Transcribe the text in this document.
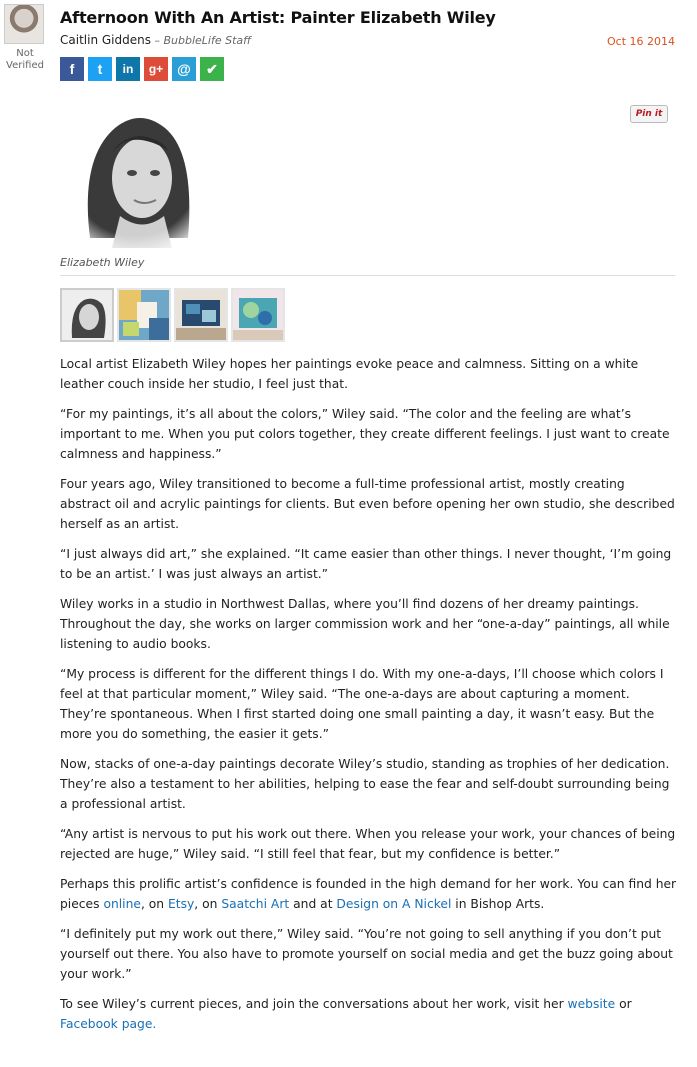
Not Verified
Afternoon With An Artist: Painter Elizabeth Wiley
Caitlin Giddens – BubbleLife Staff	Oct 16 2014
f	t	in	g+	@	✔
Pin it
Elizabeth Wiley

Local artist Elizabeth Wiley hopes her paintings evoke peace and calmness. Sitting on a white leather couch inside her studio, I feel just that.

“For my paintings, it’s all about the colors,” Wiley said. “The color and the feeling are what’s important to me. When you put colors together, they create different feelings. I just want to create calmness and happiness.”

Four years ago, Wiley transitioned to become a full-time professional artist, mostly creating abstract oil and acrylic paintings for clients. But even before opening her own studio, she described herself as an artist.

“I just always did art,” she explained. “It came easier than other things. I never thought, ‘I’m going to be an artist.’ I was just always an artist.”

Wiley works in a studio in Northwest Dallas, where you’ll find dozens of her dreamy paintings. Throughout the day, she works on larger commission work and her “one-a-day” paintings, all while listening to audio books.

“My process is different for the different things I do. With my one-a-days, I’ll choose which colors I feel at that particular moment,” Wiley said. “The one-a-days are about capturing a moment. They’re spontaneous. When I first started doing one small painting a day, it wasn’t easy. But the more you do something, the easier it gets.”

Now, stacks of one-a-day paintings decorate Wiley’s studio, standing as trophies of her dedication. They’re also a testament to her abilities, helping to ease the fear and self-doubt surrounding being a professional artist.

“Any artist is nervous to put his work out there. When you release your work, your chances of being rejected are huge,” Wiley said. “I still feel that fear, but my confidence is better.”

Perhaps this prolific artist’s confidence is founded in the high demand for her work. You can find her pieces online, on Etsy, on Saatchi Art and at Design on A Nickel in Bishop Arts.

“I definitely put my work out there,” Wiley said. “You’re not going to sell anything if you don’t put yourself out there. You also have to promote yourself on social media and get the buzz going about your work.”

To see Wiley’s current pieces, and join the conversations about her work, visit her website or Facebook page.
